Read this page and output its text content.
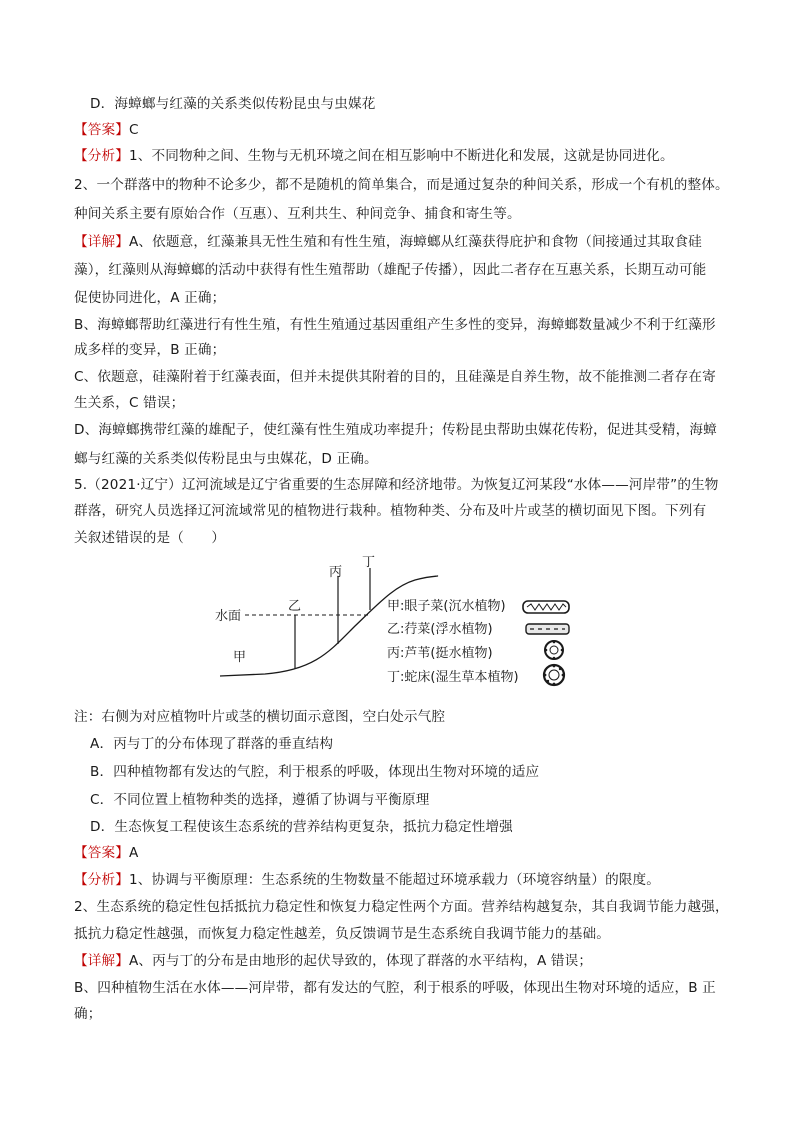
D．海蟑螂与红藻的关系类似传粉昆虫与虫媒花
【答案】C
【分析】1、不同物种之间、生物与无机环境之间在相互影响中不断进化和发展，这就是协同进化。
2、一个群落中的物种不论多少，都不是随机的简单集合，而是通过复杂的种间关系，形成一个有机的整体。
种间关系主要有原始合作（互惠）、互利共生、种间竞争、捕食和寄生等。
【详解】A、依题意，红藻兼具无性生殖和有性生殖，海蟑螂从红藻获得庇护和食物（间接通过其取食硅
藻），红藻则从海蟑螂的活动中获得有性生殖帮助（雄配子传播），因此二者存在互惠关系，长期互动可能
促使协同进化，A 正确；
B、海蟑螂帮助红藻进行有性生殖，有性生殖通过基因重组产生多性的变异，海蟑螂数量减少不利于红藻形
成多样的变异，B 正确；
C、依题意，硅藻附着于红藻表面，但并未提供其附着的目的，且硅藻是自养生物，故不能推测二者存在寄
生关系，C 错误；
D、海蟑螂携带红藻的雄配子，使红藻有性生殖成功率提升；传粉昆虫帮助虫媒花传粉，促进其受精，海蟑
螂与红藻的关系类似传粉昆虫与虫媒花，D 正确。
5.（2021·辽宁）辽河流域是辽宁省重要的生态屏障和经济地带。为恢复辽河某段“水体——河岸带”的生物
群落，研究人员选择辽河流域常见的植物进行栽种。植物种类、分布及叶片或茎的横切面见下图。下列有
关叙述错误的是（　　）
水面
甲
乙
丙
丁
甲:眼子菜(沉水植物)
乙:荇菜(浮水植物)
丙:芦苇(挺水植物)
丁:蛇床(湿生草本植物)
注：右侧为对应植物叶片或茎的横切面示意图，空白处示气腔
A．丙与丁的分布体现了群落的垂直结构
B．四种植物都有发达的气腔，利于根系的呼吸，体现出生物对环境的适应
C．不同位置上植物种类的选择，遵循了协调与平衡原理
D．生态恢复工程使该生态系统的营养结构更复杂，抵抗力稳定性增强
【答案】A
【分析】1、协调与平衡原理：生态系统的生物数量不能超过环境承载力（环境容纳量）的限度。
2、生态系统的稳定性包括抵抗力稳定性和恢复力稳定性两个方面。营养结构越复杂，其自我调节能力越强，
抵抗力稳定性越强，而恢复力稳定性越差，负反馈调节是生态系统自我调节能力的基础。
【详解】A、丙与丁的分布是由地形的起伏导致的，体现了群落的水平结构，A 错误；
B、四种植物生活在水体——河岸带，都有发达的气腔，利于根系的呼吸，体现出生物对环境的适应，B 正
确；
